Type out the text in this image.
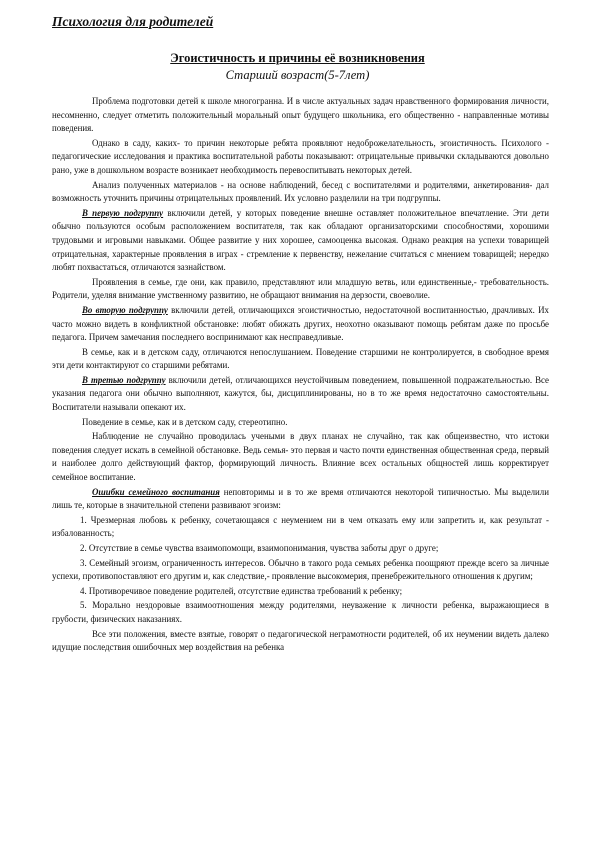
Психология для родителей
Эгоистичность и причины её возникновения
Старший возраст(5-7лет)

Проблема подготовки детей к школе многогранна. И в числе актуальных задач нравственного формирования личности, несомненно, следует отметить положительный моральный опыт будущего школьника, его общественно - направленные мотивы поведения.

Однако в саду, каких- то причин некоторые ребята проявляют недоброжелательность, эгоистичность. Психолого - педагогические исследования и практика воспитательной работы показывают: отрицательные привычки складываются довольно рано, уже в дошкольном возрасте возникает необходимость перевоспитывать некоторых детей.

Анализ полученных материалов - на основе наблюдений, бесед с воспитателями и родителями, анкетирования- дал возможность уточнить причины отрицательных проявлений. Их условно разделили на три подгруппы.

В первую подгруппу включили детей, у которых поведение внешне оставляет положительное впечатление. Эти дети обычно пользуются особым расположением воспитателя, так как обладают организаторскими способностями, хорошими трудовыми и игровыми навыками. Общее развитие у них хорошее, самооценка высокая. Однако реакция на успехи товарищей отрицательная, характерные проявления в играх - стремление к первенству, нежелание считаться с мнением товарищей; нередко любят похвастаться, отличаются зазнайством.

Проявления в семье, где они, как правило, представляют или младшую ветвь, или единственные,- требовательность. Родители, уделяя внимание умственному развитию, не обращают внимания на дерзости, своеволие.

Во вторую подгруппу включили детей, отличающихся эгоистичностью, недостаточной воспитанностью, драчливых. Их часто можно видеть в конфликтной обстановке: любят обижать других, неохотно оказывают помощь ребятам даже по просьбе педагога. Причем замечания последнего воспринимают как несправедливые.

В семье, как и в детском саду, отличаются непослушанием. Поведение старшими не контролируется, в свободное время эти дети контактируют со старшими ребятами.

В третью подгруппу включили детей, отличающихся неустойчивым поведением, повышенной подражательностью. Все указания педагога они обычно выполняют, кажутся, бы, дисциплинированы, но в то же время недостаточно самостоятельны. Воспитатели называли опекают их.

Поведение в семье, как и в детском саду, стереотипно.

Наблюдение не случайно проводилась учеными в двух планах не случайно, так как общеизвестно, что истоки поведения следует искать в семейной обстановке. Ведь семья- это первая и часто почти единственная общественная среда, первый и наиболее долго действующий фактор, формирующий личность. Влияние всех остальных общностей лишь корректирует семейное воспитание.

Ошибки семейного воспитания неповторимы и в то же время отличаются некоторой типичностью. Мы выделили лишь те, которые в значительной степени развивают эгоизм:

1. Чрезмерная любовь к ребенку, сочетающаяся с неумением ни в чем отказать ему или запретить и, как результат - избалованность;

2. Отсутствие в семье чувства взаимопомощи, взаимопонимания, чувства заботы друг о друге;

3. Семейный эгоизм, ограниченность интересов. Обычно в такого рода семьях ребенка поощряют прежде всего за личные успехи, противопоставляют его другим и, как следствие,- проявление высокомерия, пренебрежительного отношения к другим;

4. Противоречивое поведение родителей, отсутствие единства требований к ребенку;

5. Морально нездоровые взаимоотношения между родителями, неуважение к личности ребенка, выражающиеся в грубости, физических наказаниях.

Все эти положения, вместе взятые, говорят о педагогической неграмотности родителей, об их неумении видеть далеко идущие последствия ошибочных мер воздействия на ребенка
